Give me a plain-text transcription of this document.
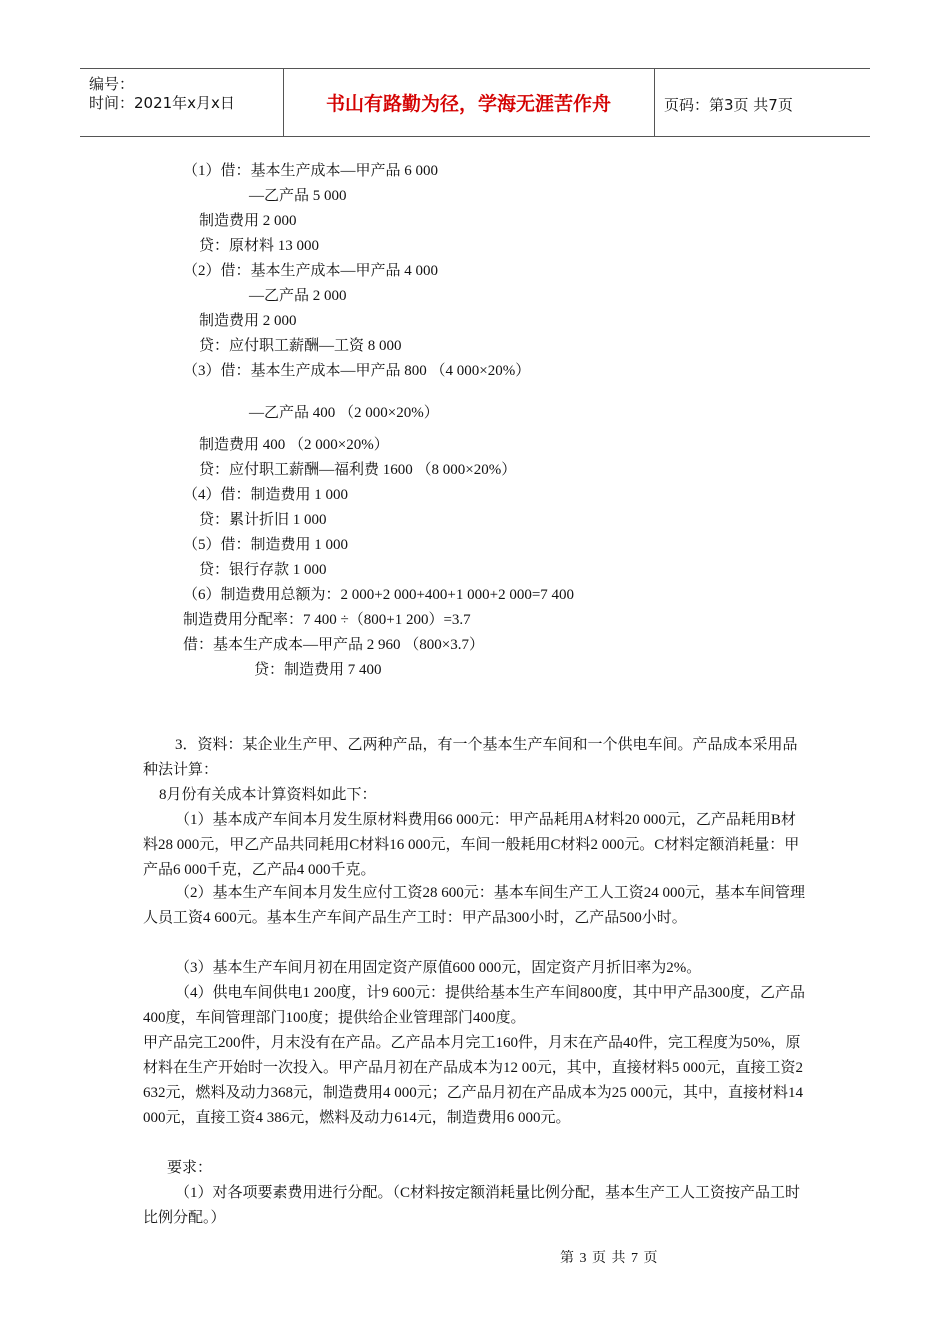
编号：
时间：2021年x月x日	书山有路勤为径，学海无涯苦作舟	页码：第3页 共7页
（1）借：基本生产成本—甲产品 6 000
—乙产品 5 000
制造费用 2 000
贷：原材料 13 000
（2）借：基本生产成本—甲产品 4 000
—乙产品 2 000
制造费用 2 000
贷：应付职工薪酬—工资 8 000
（3）借：基本生产成本—甲产品 800 （4 000×20%）
—乙产品 400 （2 000×20%）
制造费用 400 （2 000×20%）
贷：应付职工薪酬—福利费 1600 （8 000×20%）
（4）借：制造费用 1 000
贷：累计折旧 1 000
（5）借：制造费用 1 000
贷：银行存款 1 000
（6）制造费用总额为：2 000+2 000+400+1 000+2 000=7 400
制造费用分配率：7 400 ÷（800+1 200）=3.7
借：基本生产成本—甲产品 2 960 （800×3.7）
贷：制造费用 7 400
3．资料：某企业生产甲、乙两种产品，有一个基本生产车间和一个供电车间。产品成本采用品种法计算：
8月份有关成本计算资料如此下：
（1）基本成产车间本月发生原材料费用66 000元：甲产品耗用A材料20 000元，乙产品耗用B材料28 000元，甲乙产品共同耗用C材料16 000元，车间一般耗用C材料2 000元。C材料定额消耗量：甲产品6 000千克，乙产品4 000千克。
（2）基本生产车间本月发生应付工资28 600元：基本车间生产工人工资24 000元，基本车间管理人员工资4 600元。基本生产车间产品生产工时：甲产品300小时，乙产品500小时。
（3）基本生产车间月初在用固定资产原值600 000元，固定资产月折旧率为2%。
（4）供电车间供电1 200度，计9 600元：提供给基本生产车间800度，其中甲产品300度，乙产品400度，车间管理部门100度；提供给企业管理部门400度。
甲产品完工200件，月末没有在产品。乙产品本月完工160件，月末在产品40件，完工程度为50%，原材料在生产开始时一次投入。甲产品月初在产品成本为12 00元，其中，直接材料5 000元，直接工资2 632元，燃料及动力368元，制造费用4 000元；乙产品月初在产品成本为25 000元，其中，直接材料14 000元，直接工资4 386元，燃料及动力614元，制造费用6 000元。
要求：
（1）对各项要素费用进行分配。（C材料按定额消耗量比例分配，基本生产工人工资按产品工时比例分配。）
第 3 页 共 7 页
